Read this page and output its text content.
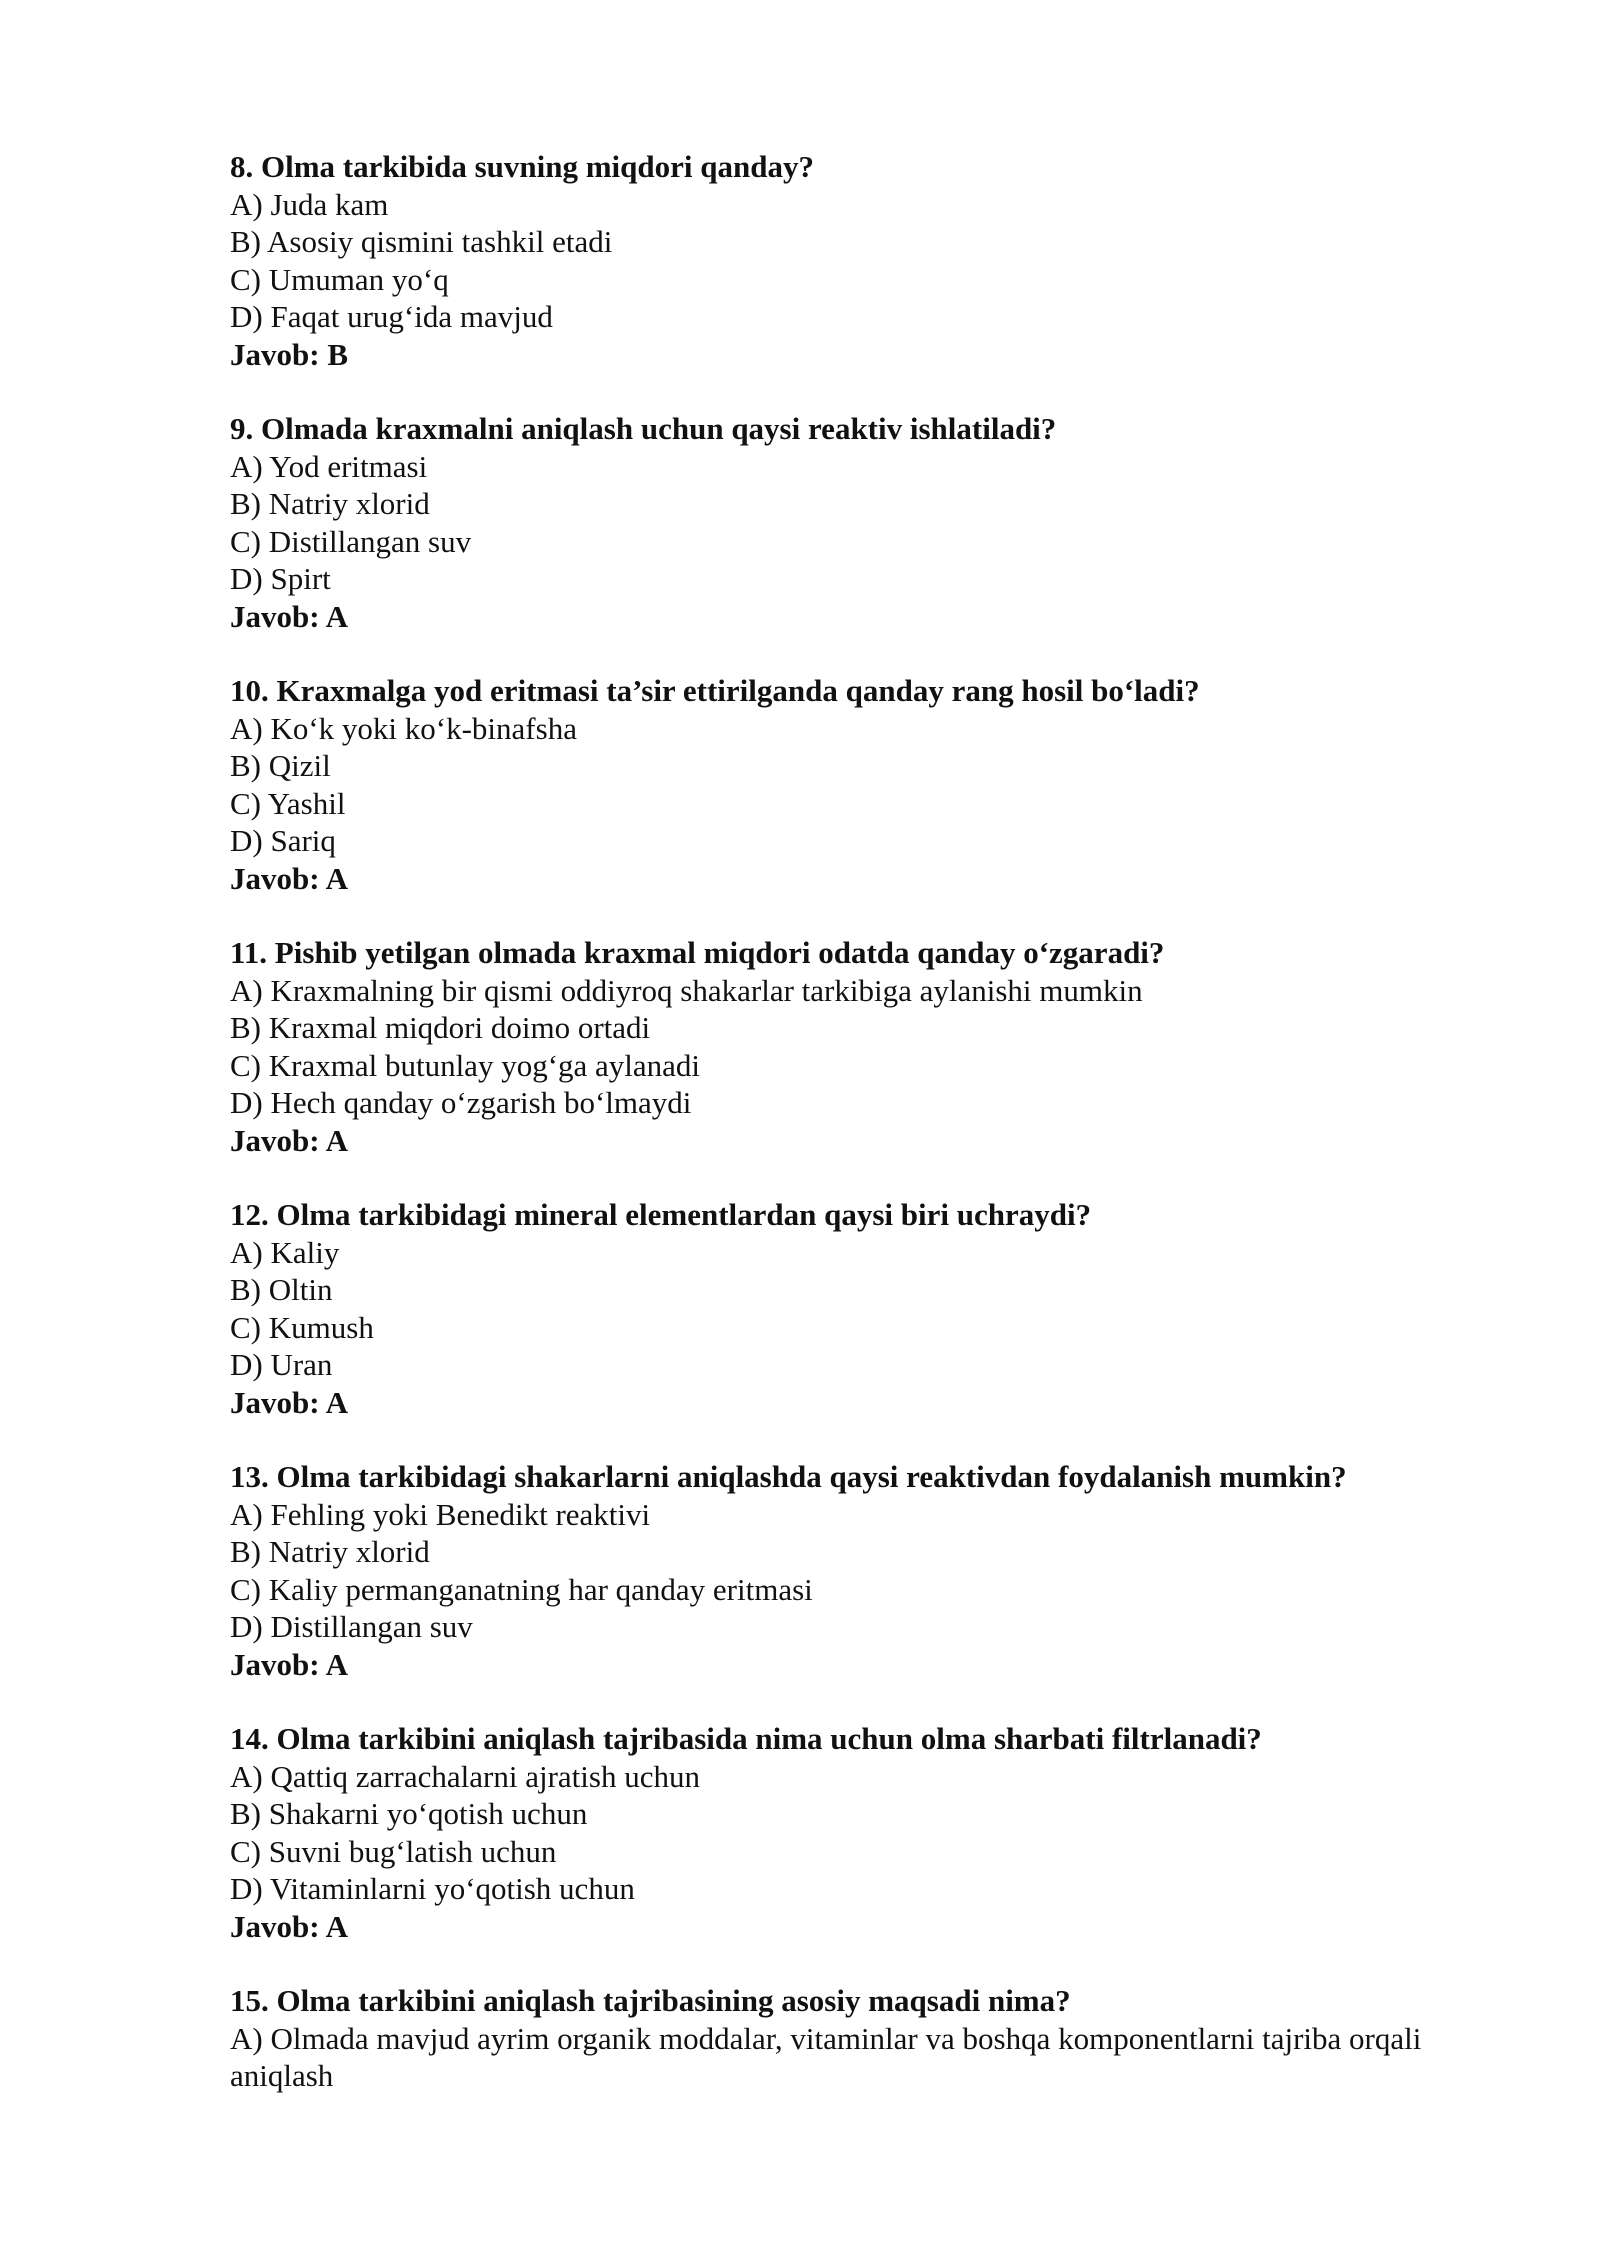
8. Olma tarkibida suvning miqdori qanday?

A) Juda kam

B) Asosiy qismini tashkil etadi

C) Umuman yo‘q

D) Faqat urug‘ida mavjud

Javob: B

9. Olmada kraxmalni aniqlash uchun qaysi reaktiv ishlatiladi?

A) Yod eritmasi

B) Natriy xlorid

C) Distillangan suv

D) Spirt

Javob: A

10. Kraxmalga yod eritmasi ta’sir ettirilganda qanday rang hosil bo‘ladi?

A) Ko‘k yoki ko‘k-binafsha

B) Qizil

C) Yashil

D) Sariq

Javob: A

11. Pishib yetilgan olmada kraxmal miqdori odatda qanday o‘zgaradi?

A) Kraxmalning bir qismi oddiyroq shakarlar tarkibiga aylanishi mumkin

B) Kraxmal miqdori doimo ortadi

C) Kraxmal butunlay yog‘ga aylanadi

D) Hech qanday o‘zgarish bo‘lmaydi

Javob: A

12. Olma tarkibidagi mineral elementlardan qaysi biri uchraydi?

A) Kaliy

B) Oltin

C) Kumush

D) Uran

Javob: A

13. Olma tarkibidagi shakarlarni aniqlashda qaysi reaktivdan foydalanish mumkin?

A) Fehling yoki Benedikt reaktivi

B) Natriy xlorid

C) Kaliy permanganatning har qanday eritmasi

D) Distillangan suv

Javob: A

14. Olma tarkibini aniqlash tajribasida nima uchun olma sharbati filtrlanadi?

A) Qattiq zarrachalarni ajratish uchun

B) Shakarni yo‘qotish uchun

C) Suvni bug‘latish uchun

D) Vitaminlarni yo‘qotish uchun

Javob: A

15. Olma tarkibini aniqlash tajribasining asosiy maqsadi nima?

A) Olmada mavjud ayrim organik moddalar, vitaminlar va boshqa komponentlarni tajriba orqali aniqlash
